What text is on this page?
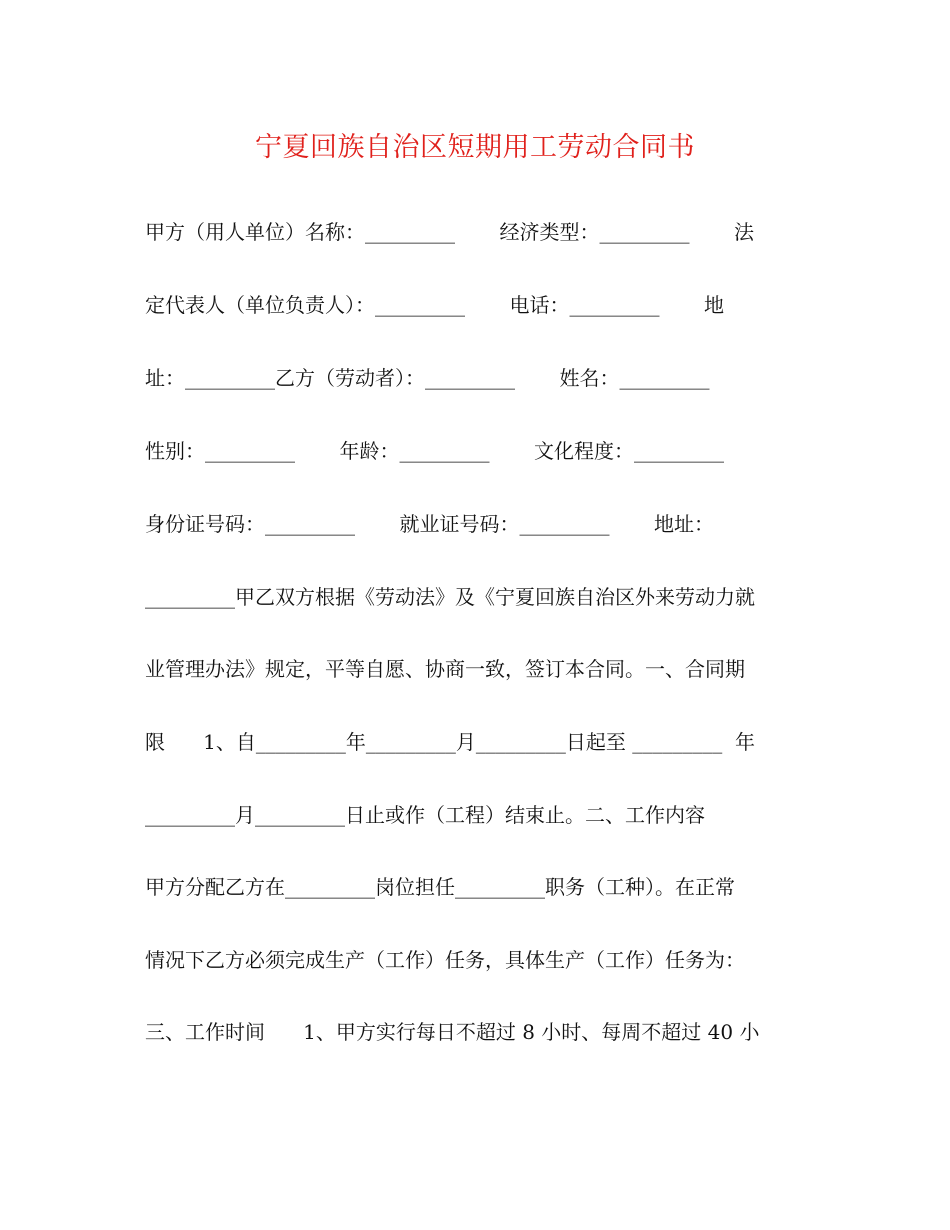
宁夏回族自治区短期用工劳动合同书
甲方（用人单位）名称：_________       经济类型：_________       法
定代表人（单位负责人）：_________       电话：_________       地
址：_________乙方（劳动者）：_________       姓名：_________
性别：_________       年龄：_________       文化程度：_________
身份证号码：_________       就业证号码：_________       地址：
_________甲乙双方根据《劳动法》及《宁夏回族自治区外来劳动力就
业管理办法》规定，平等自愿、协商一致，签订本合同。一、合同期
限      1、自_________年_________月_________日起至 _________  年
_________月_________日止或作（工程）结束止。二、工作内容
甲方分配乙方在_________岗位担任_________职务（工种）。在正常
情况下乙方必须完成生产（工作）任务，具体生产（工作）任务为：
三、工作时间      1、甲方实行每日不超过 8 小时、每周不超过 40 小
